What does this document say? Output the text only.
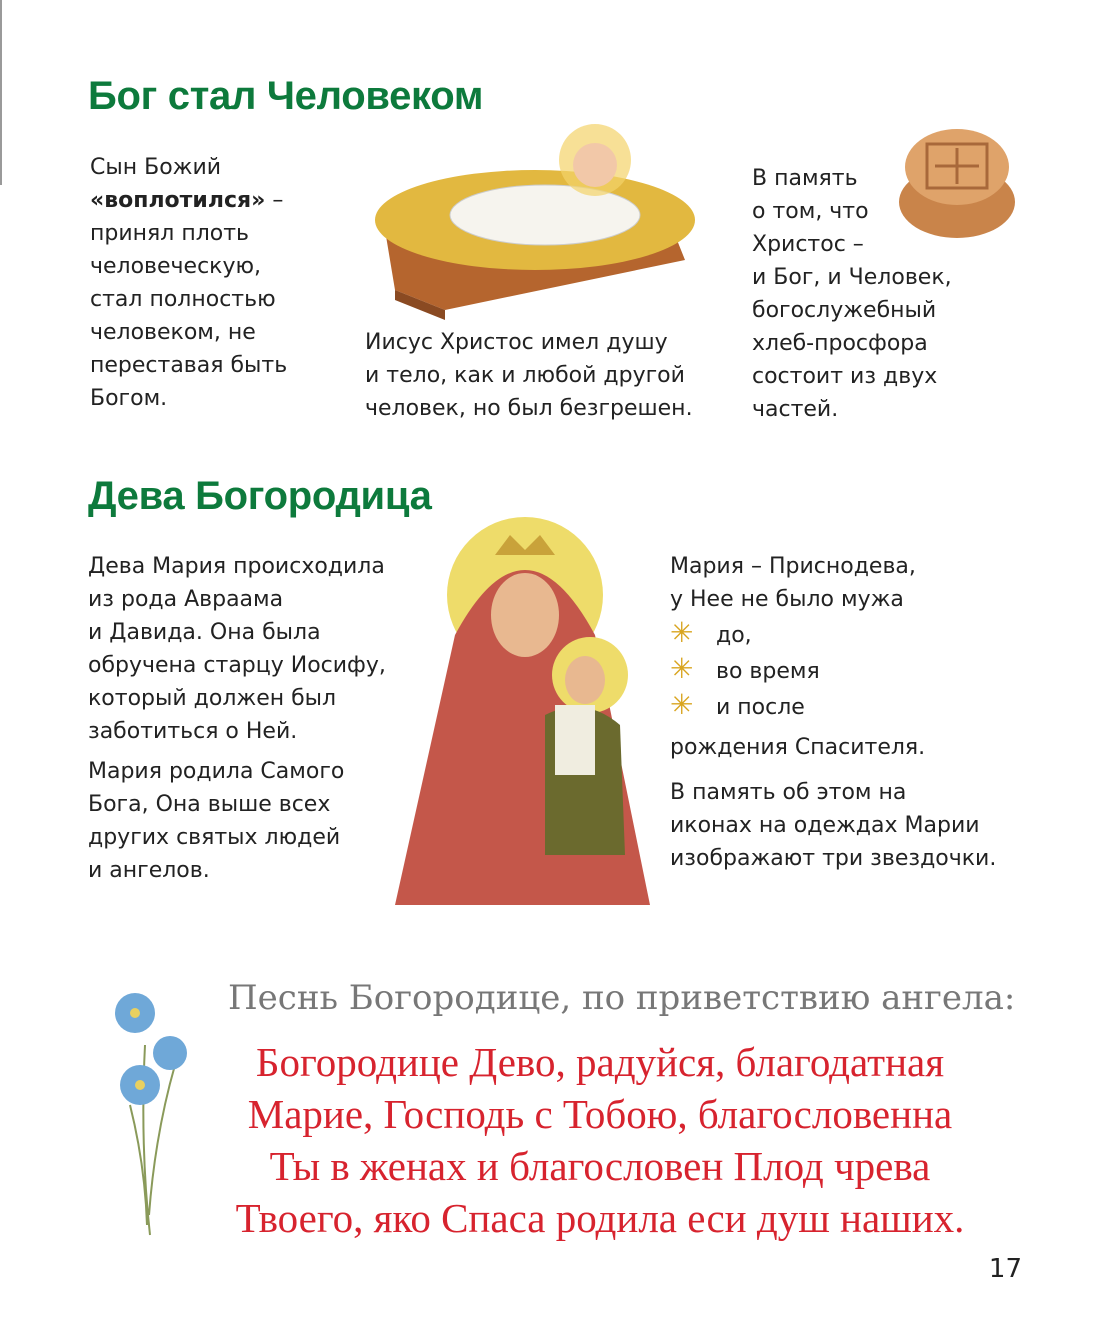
Бог стал Человеком
Сын Божий
«воплотился» –
принял плоть
человеческую,
стал полностью
человеком, не
переставая быть
Богом.
Иисус Христос имел душу
и тело, как и любой другой
человек, но был безгрешен.
В память
о том, что
Христос –
и Бог, и Человек,
богослужебный
хлеб-просфора
состоит из двух
частей.
Дева Богородица
Дева Мария происходила
из рода Авраама
и Давида. Она была
обручена старцу Иосифу,
который должен был
заботиться о Ней.
Мария родила Самого
Бога, Она выше всех
других святых людей
и ангелов.
Мария – Приснодева,
у Нее не было мужа
✳ до,
✳ во время
✳ и после
рождения Спасителя.
В память об этом на
иконах на одеждах Марии
изображают три звездочки.
Песнь Богородице, по приветствию ангела:
Богородице Дево, радуйся, благодатная
Марие, Господь с Тобою, благословенна
Ты в женах и благословен Плод чрева
Твоего, яко Спаса родила еси душ наших.
17
